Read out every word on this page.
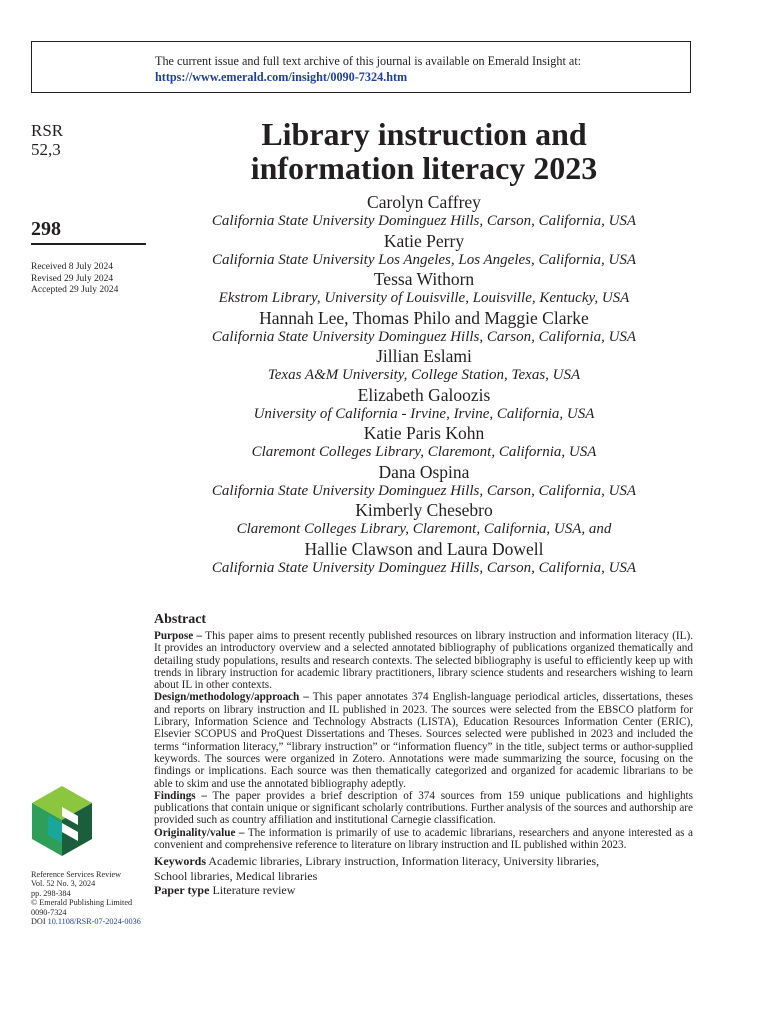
The current issue and full text archive of this journal is available on Emerald Insight at:
https://www.emerald.com/insight/0090-7324.htm
RSR
52,3
298
Received 8 July 2024
Revised 29 July 2024
Accepted 29 July 2024
Library instruction and
information literacy 2023
Carolyn Caffrey
California State University Dominguez Hills, Carson, California, USA
Katie Perry
California State University Los Angeles, Los Angeles, California, USA
Tessa Withorn
Ekstrom Library, University of Louisville, Louisville, Kentucky, USA
Hannah Lee, Thomas Philo and Maggie Clarke
California State University Dominguez Hills, Carson, California, USA
Jillian Eslami
Texas A&M University, College Station, Texas, USA
Elizabeth Galoozis
University of California - Irvine, Irvine, California, USA
Katie Paris Kohn
Claremont Colleges Library, Claremont, California, USA
Dana Ospina
California State University Dominguez Hills, Carson, California, USA
Kimberly Chesebro
Claremont Colleges Library, Claremont, California, USA, and
Hallie Clawson and Laura Dowell
California State University Dominguez Hills, Carson, California, USA
Abstract

Purpose – This paper aims to present recently published resources on library instruction and information literacy (IL). It provides an introductory overview and a selected annotated bibliography of publications organized thematically and detailing study populations, results and research contexts. The selected bibliography is useful to efficiently keep up with trends in library instruction for academic library practitioners, library science students and researchers wishing to learn about IL in other contexts.

Design/methodology/approach – This paper annotates 374 English-language periodical articles, dissertations, theses and reports on library instruction and IL published in 2023. The sources were selected from the EBSCO platform for Library, Information Science and Technology Abstracts (LISTA), Education Resources Information Center (ERIC), Elsevier SCOPUS and ProQuest Dissertations and Theses. Sources selected were published in 2023 and included the terms “information literacy,” “library instruction” or “information fluency” in the title, subject terms or author-supplied keywords. The sources were organized in Zotero. Annotations were made summarizing the source, focusing on the findings or implications. Each source was then thematically categorized and organized for academic librarians to be able to skim and use the annotated bibliography adeptly.

Findings – The paper provides a brief description of 374 sources from 159 unique publications and highlights publications that contain unique or significant scholarly contributions. Further analysis of the sources and authorship are provided such as country affiliation and institutional Carnegie classification.

Originality/value – The information is primarily of use to academic librarians, researchers and anyone interested as a convenient and comprehensive reference to literature on library instruction and IL published within 2023.

Keywords Academic libraries, Library instruction, Information literacy, University libraries,
School libraries, Medical libraries
Paper type Literature review
Reference Services Review
Vol. 52 No. 3, 2024
pp. 298-384
© Emerald Publishing Limited
0090-7324
DOI 10.1108/RSR-07-2024-0036
